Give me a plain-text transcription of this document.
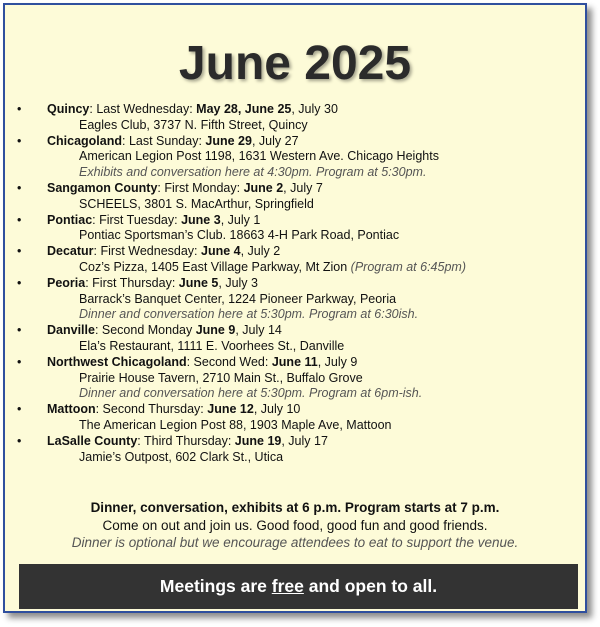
June 2025
•	Quincy: Last Wednesday: May 28, June 25, July 30
Eagles Club, 3737 N. Fifth Street, Quincy
•	Chicagoland: Last Sunday: June 29, July 27
American Legion Post 1198, 1631 Western Ave. Chicago Heights
Exhibits and conversation here at 4:30pm. Program at 5:30pm.
•	Sangamon County: First Monday: June 2, July 7
SCHEELS, 3801 S. MacArthur, Springfield
•	Pontiac: First Tuesday: June 3, July 1
Pontiac Sportsman’s Club. 18663 4-H Park Road, Pontiac
•	Decatur: First Wednesday: June 4, July 2
Coz’s Pizza, 1405 East Village Parkway, Mt Zion (Program at 6:45pm)
•	Peoria: First Thursday: June 5, July 3
Barrack’s Banquet Center, 1224 Pioneer Parkway, Peoria
Dinner and conversation here at 5:30pm. Program at 6:30ish.
•	Danville: Second Monday June 9, July 14
Ela’s Restaurant, 1111 E. Voorhees St., Danville
•	Northwest Chicagoland: Second Wed: June 11, July 9
Prairie House Tavern, 2710 Main St., Buffalo Grove
Dinner and conversation here at 5:30pm. Program at 6pm-ish.
•	Mattoon: Second Thursday: June 12, July 10
The American Legion Post 88, 1903 Maple Ave, Mattoon
•	LaSalle County: Third Thursday: June 19, July 17
Jamie’s Outpost, 602 Clark St., Utica
Dinner, conversation, exhibits at 6 p.m. Program starts at 7 p.m.
Come on out and join us. Good food, good fun and good friends.
Dinner is optional but we encourage attendees to eat to support the venue.
Meetings are free and open to all.
